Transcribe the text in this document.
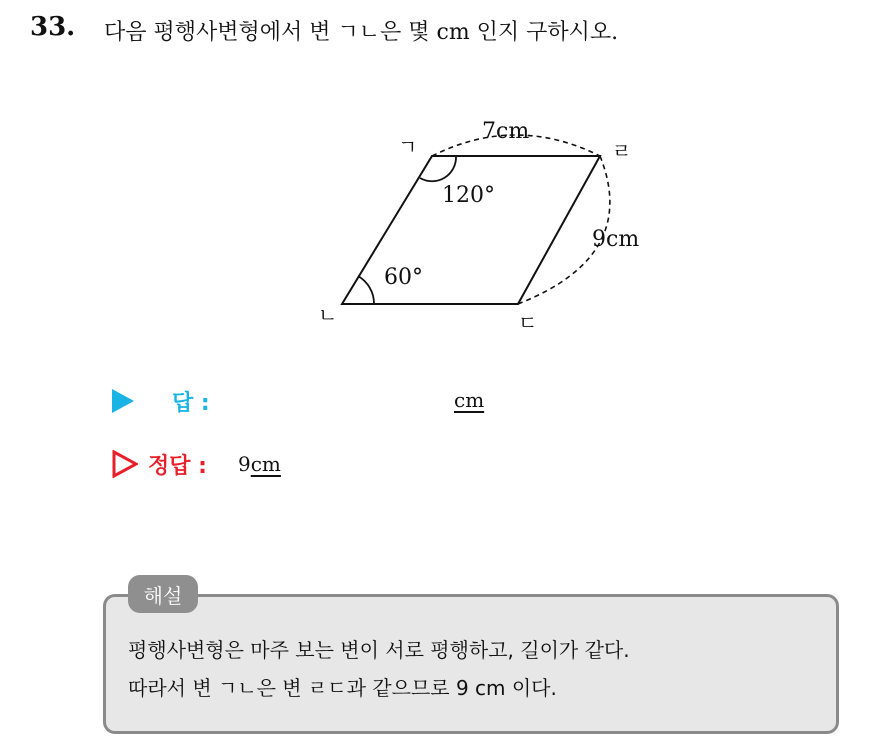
33. 다음 평행사변형에서 변 ㄱㄴ은 몇 cm 인지 구하시오.
ㄱ	ㄹ
ㄴ	ㄷ
7cm
9cm
120°
60°
답 :	cm
정답 : 9cm
해설
평행사변형은 마주 보는 변이 서로 평행하고, 길이가 같다.
따라서 변 ㄱㄴ은 변 ㄹㄷ과 같으므로 9 cm 이다.
